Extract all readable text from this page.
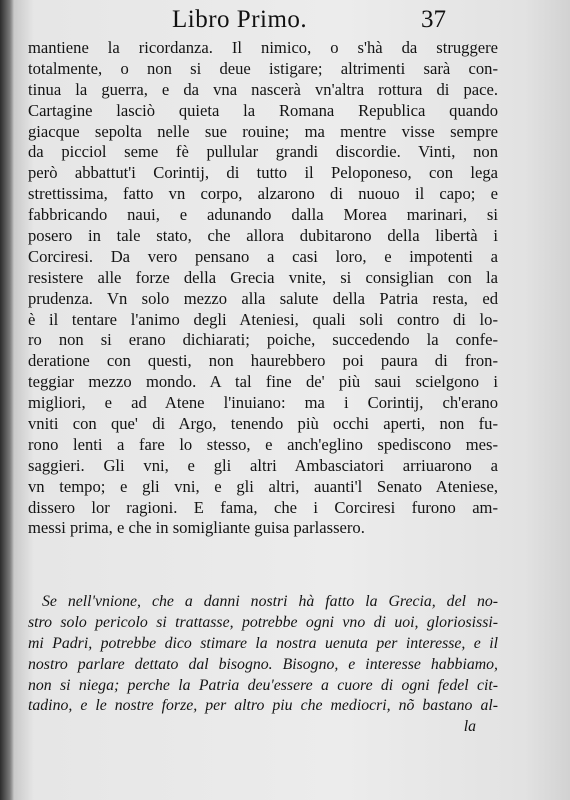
Libro Primo.	37
mantiene la ricordanza. Il nimico, o s'hà da struggere
totalmente, o non si deue istigare; altrimenti sarà con-
tinua la guerra, e da vna nascerà vn'altra rottura di pace.
Cartagine lasciò quieta la Romana Republica quando
giacque sepolta nelle sue rouine; ma mentre visse sempre
da picciol seme fè pullular grandi discordie. Vinti, non
però abbattut'i Corintij, di tutto il Peloponeso, con lega
strettissima, fatto vn corpo, alzarono di nuouo il capo; e
fabbricando naui, e adunando dalla Morea marinari, si
posero in tale stato, che allora dubitarono della libertà i
Corciresi. Da vero pensano a casi loro, e impotenti a
resistere alle forze della Grecia vnite, si consiglian con la
prudenza. Vn solo mezzo alla salute della Patria resta, ed
è il tentare l'animo degli Ateniesi, quali soli contro di lo-
ro non si erano dichiarati; poiche, succedendo la confe-
deratione con questi, non haurebbero poi paura di fron-
teggiar mezzo mondo. A tal fine de' più saui scielgono i
migliori, e ad Atene l'inuiano: ma i Corintij, ch'erano
vniti con que' di Argo, tenendo più occhi aperti, non fu-
rono lenti a fare lo stesso, e anch'eglino spediscono mes-
saggieri. Gli vni, e gli altri Ambasciatori arriuarono a
vn tempo; e gli vni, e gli altri, auanti'l Senato Ateniese,
dissero lor ragioni. E fama, che i Corciresi furono am-
messi prima, e che in somigliante guisa parlassero.
Se nell'vnione, che a danni nostri hà fatto la Grecia, del no-
stro solo pericolo si trattasse, potrebbe ogni vno di uoi, gloriosissi-
mi Padri, potrebbe dico stimare la nostra uenuta per interesse, e il
nostro parlare dettato dal bisogno. Bisogno, e interesse habbiamo,
non si niega; perche la Patria deu'essere a cuore di ogni fedel cit-
tadino, e le nostre forze, per altro piu che mediocri, nõ bastano al-
la
